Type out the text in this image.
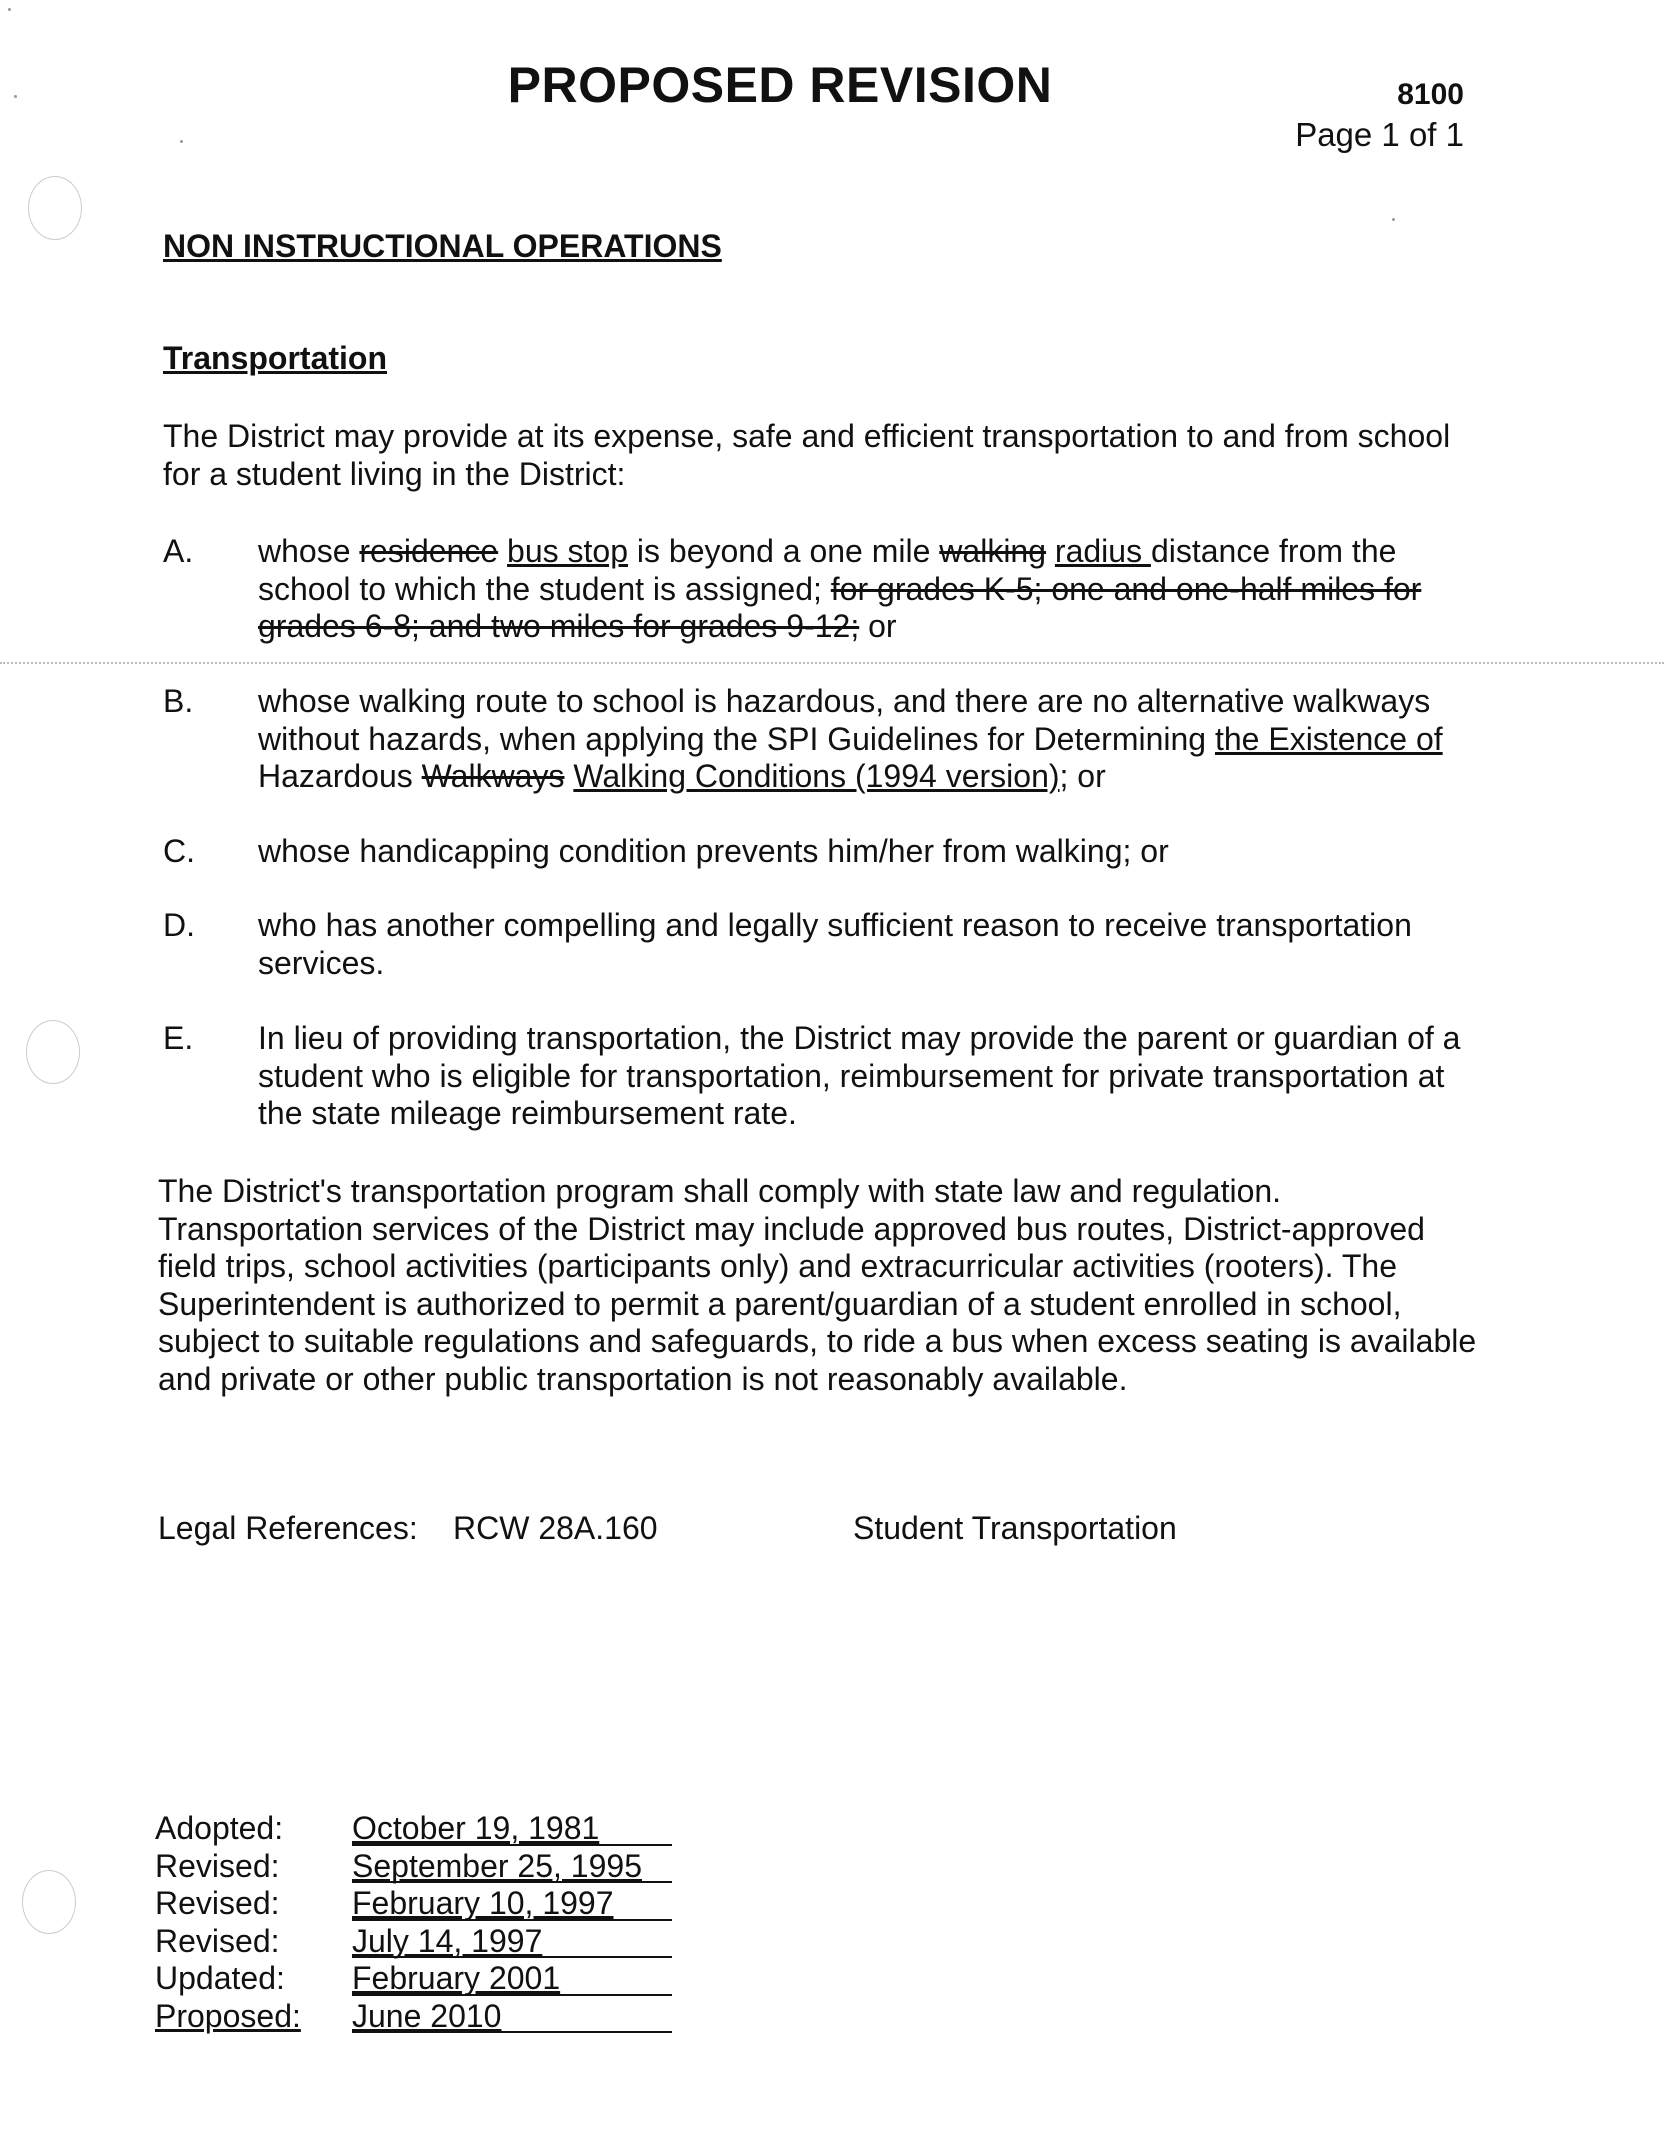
PROPOSED REVISION	8100
Page 1 of 1
NON INSTRUCTIONAL OPERATIONS
Transportation
The District may provide at its expense, safe and efficient transportation to and from school for a student living in the District:
A. whose residence bus stop is beyond a one mile walking radius distance from the school to which the student is assigned; for grades K-5; one and one-half miles for grades 6-8; and two miles for grades 9-12; or
B. whose walking route to school is hazardous, and there are no alternative walkways without hazards, when applying the SPI Guidelines for Determining the Existence of Hazardous Walkways Walking Conditions (1994 version); or
C. whose handicapping condition prevents him/her from walking; or
D. who has another compelling and legally sufficient reason to receive transportation services.
E. In lieu of providing transportation, the District may provide the parent or guardian of a student who is eligible for transportation, reimbursement for private transportation at the state mileage reimbursement rate.
The District's transportation program shall comply with state law and regulation. Transportation services of the District may include approved bus routes, District-approved field trips, school activities (participants only) and extracurricular activities (rooters). The Superintendent is authorized to permit a parent/guardian of a student enrolled in school, subject to suitable regulations and safeguards, to ride a bus when excess seating is available and private or other public transportation is not reasonably available.
Legal References: RCW 28A.160	Student Transportation
Adopted: October 19, 1981
Revised: September 25, 1995
Revised: February 10, 1997
Revised: July 14, 1997
Updated: February 2001
Proposed: June 2010
